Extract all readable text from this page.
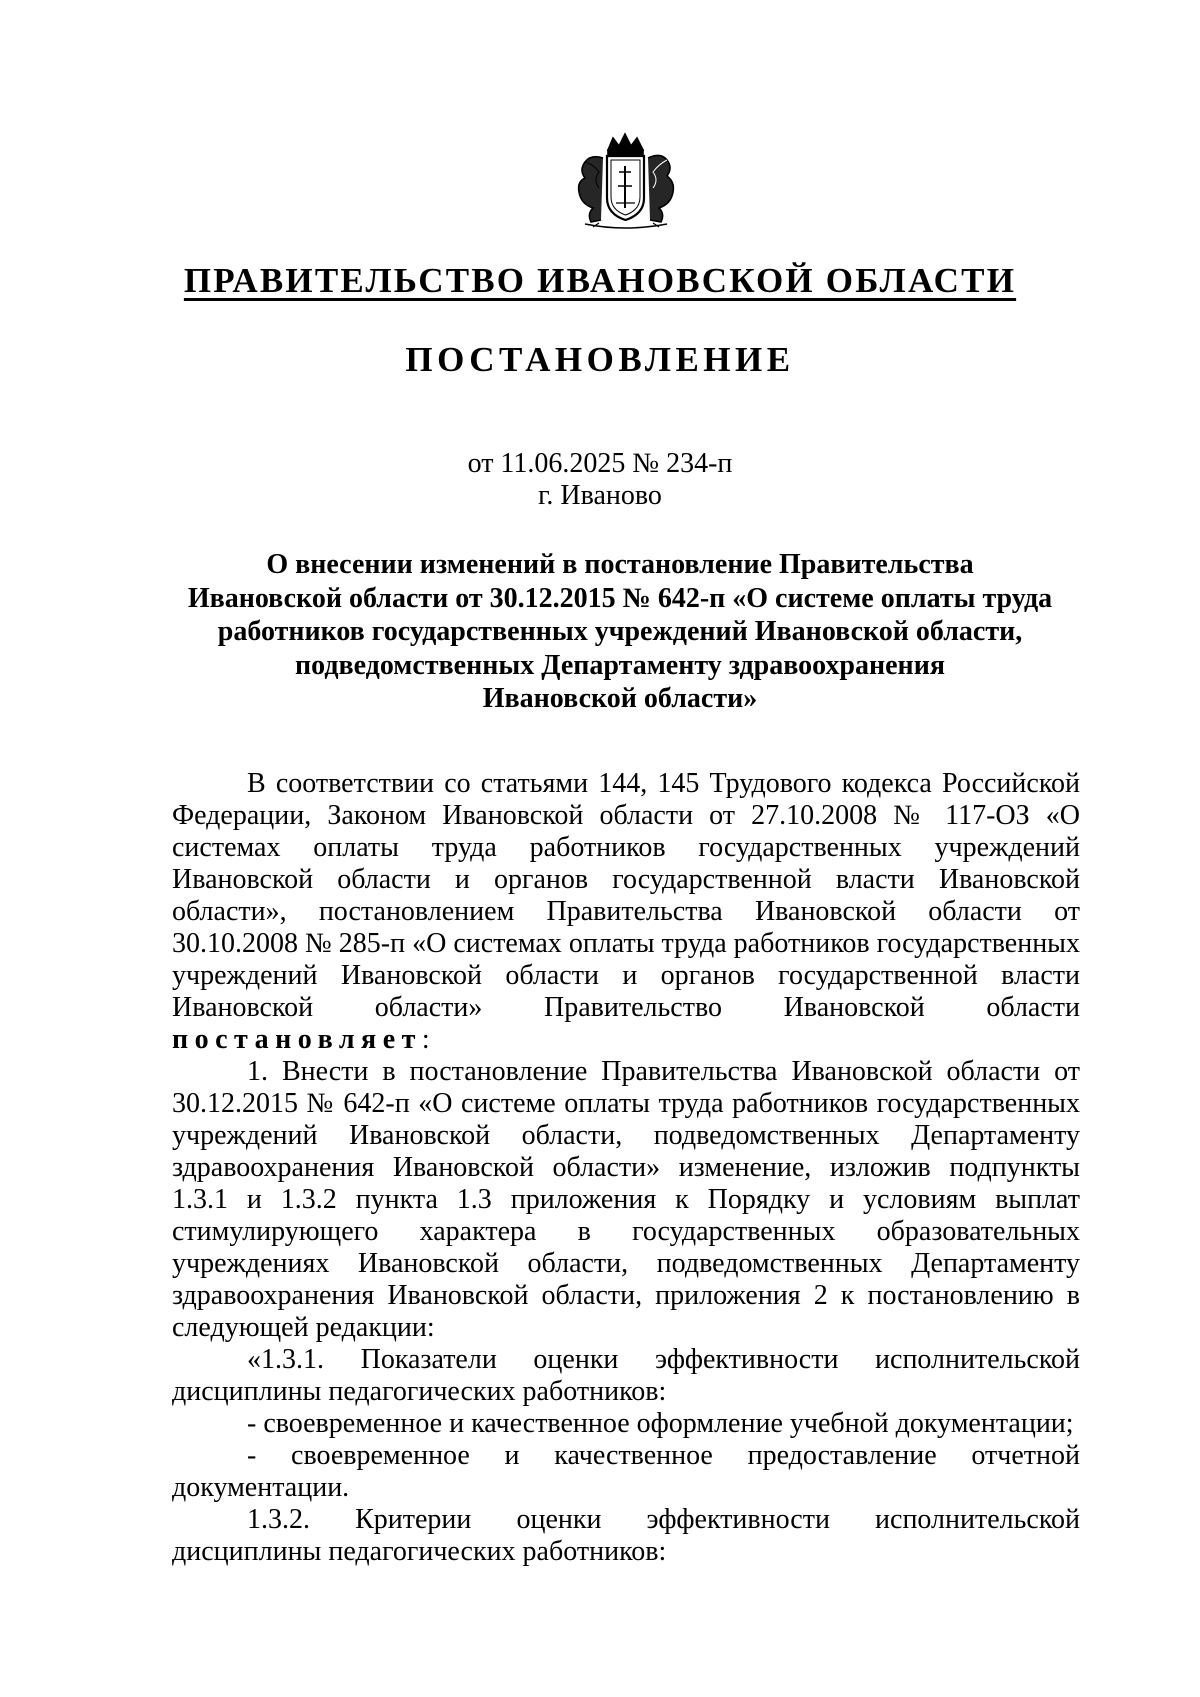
ПРАВИТЕЛЬСТВО ИВАНОВСКОЙ ОБЛАСТИ
ПОСТАНОВЛЕНИЕ
от 11.06.2025 № 234-п
г. Иваново
О внесении изменений в постановление Правительства
Ивановской области от 30.12.2015 № 642-п «О системе оплаты труда
работников государственных учреждений Ивановской области,
подведомственных Департаменту здравоохранения
Ивановской области»

В соответствии со статьями 144, 145 Трудового кодекса Российской Федерации, Законом Ивановской области от 27.10.2008 № 117-ОЗ «О системах оплаты труда работников государственных учреждений Ивановской области и органов государственной власти Ивановской области», постановлением Правительства Ивановской области от 30.10.2008 № 285-п «О системах оплаты труда работников государственных учреждений Ивановской области и органов государственной власти Ивановской области» Правительство Ивановской области постановляет:

1. Внести в постановление Правительства Ивановской области от 30.12.2015 № 642-п «О системе оплаты труда работников государственных учреждений Ивановской области, подведомственных Департаменту здравоохранения Ивановской области» изменение, изложив подпункты 1.3.1 и 1.3.2 пункта 1.3 приложения к Порядку и условиям выплат стимулирующего характера в государственных образовательных учреждениях Ивановской области, подведомственных Департаменту здравоохранения Ивановской области, приложения 2 к постановлению в следующей редакции:

«1.3.1. Показатели оценки эффективности исполнительской дисциплины педагогических работников:

- своевременное и качественное оформление учебной документации;

- своевременное и качественное предоставление отчетной документации.

1.3.2. Критерии оценки эффективности исполнительской дисциплины педагогических работников:
